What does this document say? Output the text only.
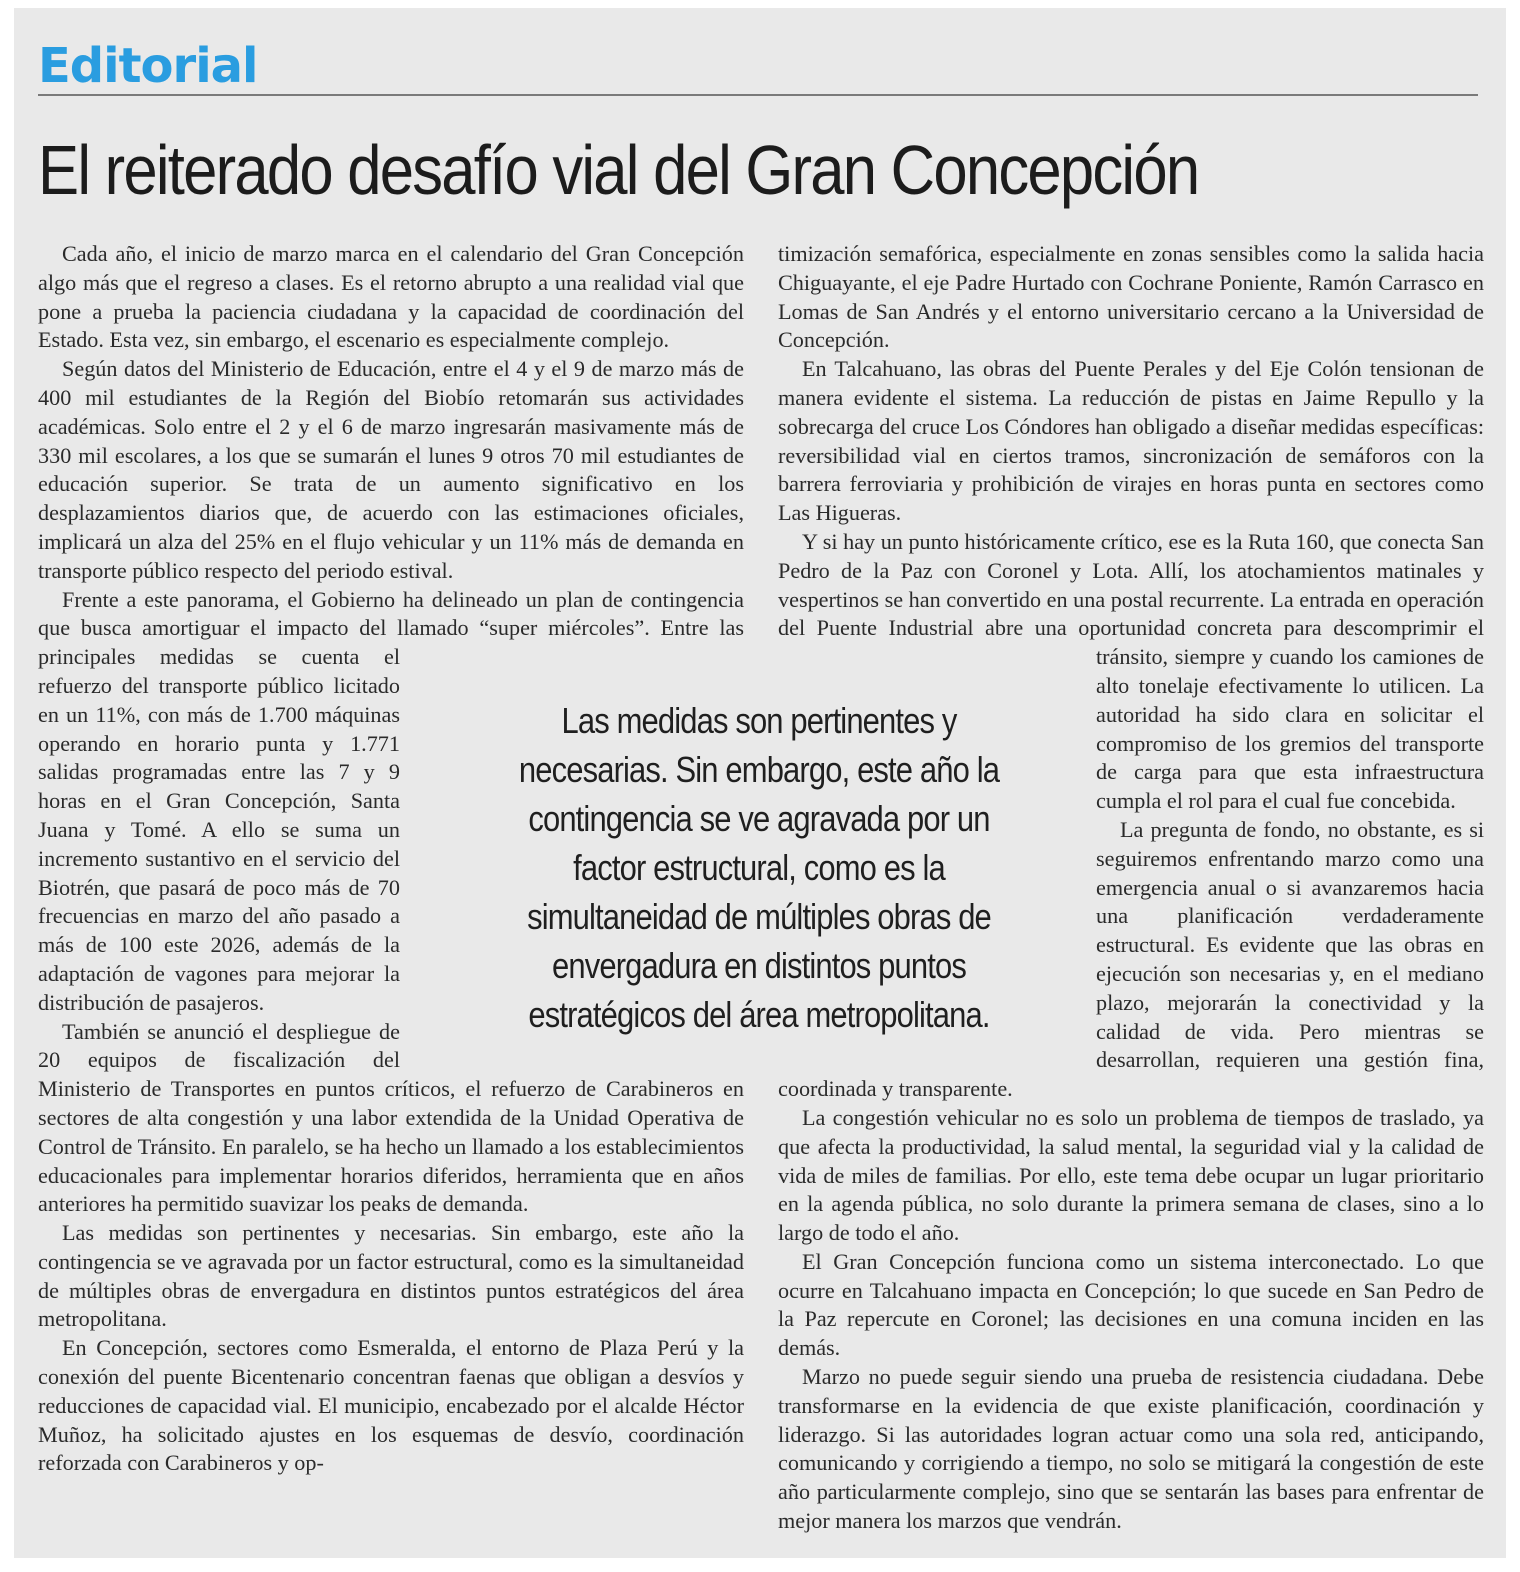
Editorial
El reiterado desafío vial del Gran Concepción

Cada año, el inicio de marzo marca en el calendario del Gran Concepción algo más que el regreso a clases. Es el retorno abrupto a una realidad vial que pone a prueba la paciencia ciudadana y la capacidad de coordinación del Estado. Esta vez, sin embargo, el escenario es especialmente complejo.

Según datos del Ministerio de Educación, entre el 4 y el 9 de marzo más de 400 mil estudiantes de la Región del Biobío retomarán sus actividades académicas. Solo entre el 2 y el 6 de marzo ingresarán masivamente más de 330 mil escolares, a los que se sumarán el lunes 9 otros 70 mil estudiantes de educación superior. Se trata de un aumento significativo en los desplazamientos diarios que, de acuerdo con las estimaciones oficiales, implicará un alza del 25% en el flujo vehicular y un 11% más de demanda en transporte público respecto del periodo estival.

Frente a este panorama, el Gobierno ha delineado un plan de contingencia que busca amortiguar el impacto del llamado “super miércoles”. Entre las principales medidas se cuenta el refuerzo del transporte público licitado en un 11%, con más de 1.700 máquinas operando en horario punta y 1.771 salidas programadas entre las 7 y 9 horas en el Gran Concepción, Santa Juana y Tomé. A ello se suma un incremento sustantivo en el servicio del Biotrén, que pasará de poco más de 70 frecuencias en marzo del año pasado a más de 100 este 2026, además de la adaptación de vagones para mejorar la distribución de pasajeros.

También se anunció el despliegue de 20 equipos de fiscalización del Ministerio de Transportes en puntos críticos, el refuerzo de Carabineros en sectores de alta congestión y una labor extendida de la Unidad Operativa de Control de Tránsito. En paralelo, se ha hecho un llamado a los establecimientos educacionales para implementar horarios diferidos, herramienta que en años anteriores ha permitido suavizar los peaks de demanda.

Las medidas son pertinentes y necesarias. Sin embargo, este año la contingencia se ve agravada por un factor estructural, como es la simultaneidad de múltiples obras de envergadura en distintos puntos estratégicos del área metropolitana.

En Concepción, sectores como Esmeralda, el entorno de Plaza Perú y la conexión del puente Bicentenario concentran faenas que obligan a desvíos y reducciones de capacidad vial. El municipio, encabezado por el alcalde Héctor Muñoz, ha solicitado ajustes en los esquemas de desvío, coordinación reforzada con Carabineros y op-

timización semafórica, especialmente en zonas sensibles como la salida hacia Chiguayante, el eje Padre Hurtado con Cochrane Poniente, Ramón Carrasco en Lomas de San Andrés y el entorno universitario cercano a la Universidad de Concepción.

En Talcahuano, las obras del Puente Perales y del Eje Colón tensionan de manera evidente el sistema. La reducción de pistas en Jaime Repullo y la sobrecarga del cruce Los Cóndores han obligado a diseñar medidas específicas: reversibilidad vial en ciertos tramos, sincronización de semáforos con la barrera ferroviaria y prohibición de virajes en horas punta en sectores como Las Higueras.

Y si hay un punto históricamente crítico, ese es la Ruta 160, que conecta San Pedro de la Paz con Coronel y Lota. Allí, los atochamientos matinales y vespertinos se han convertido en una postal recurrente. La entrada en operación del Puente Industrial abre una oportunidad concreta para descomprimir el tránsito, siempre y cuando los camiones de alto tonelaje efectivamente lo utilicen. La autoridad ha sido clara en solicitar el compromiso de los gremios del transporte de carga para que esta infraestructura cumpla el rol para el cual fue concebida.

La pregunta de fondo, no obstante, es si seguiremos enfrentando marzo como una emergencia anual o si avanzaremos hacia una planificación verdaderamente estructural. Es evidente que las obras en ejecución son necesarias y, en el mediano plazo, mejorarán la conectividad y la calidad de vida. Pero mientras se desarrollan, requieren una gestión fina, coordinada y transparente.

La congestión vehicular no es solo un problema de tiempos de traslado, ya que afecta la productividad, la salud mental, la seguridad vial y la calidad de vida de miles de familias. Por ello, este tema debe ocupar un lugar prioritario en la agenda pública, no solo durante la primera semana de clases, sino a lo largo de todo el año.

El Gran Concepción funciona como un sistema interconectado. Lo que ocurre en Talcahuano impacta en Concepción; lo que sucede en San Pedro de la Paz repercute en Coronel; las decisiones en una comuna inciden en las demás.

Marzo no puede seguir siendo una prueba de resistencia ciudadana. Debe transformarse en la evidencia de que existe planificación, coordinación y liderazgo. Si las autoridades logran actuar como una sola red, anticipando, comunicando y corrigiendo a tiempo, no solo se mitigará la congestión de este año particularmente complejo, sino que se sentarán las bases para enfrentar de mejor manera los marzos que vendrán.

Las medidas son pertinentes y necesarias. Sin embargo, este año la contingencia se ve agravada por un factor estructural, como es la simultaneidad de múltiples obras de envergadura en distintos puntos estratégicos del área metropolitana.
